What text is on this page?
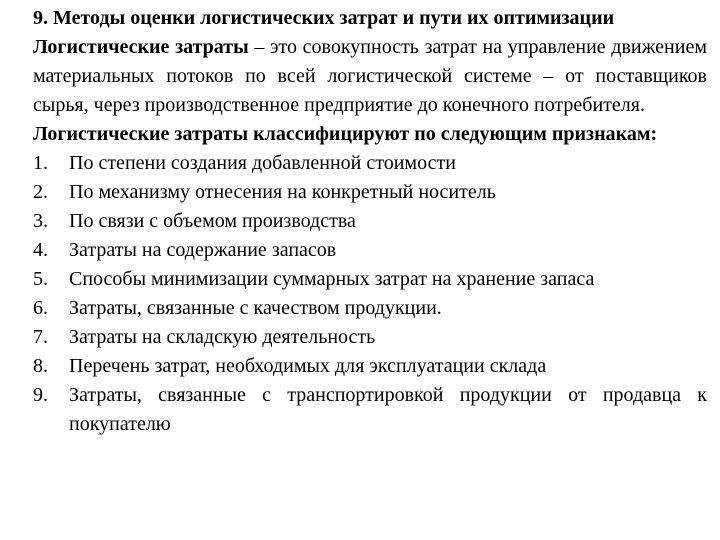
9. Методы оценки логистических затрат и пути их оптимизации

Логистические затраты – это совокупность затрат на управление движением материальных потоков по всей логистической системе – от поставщиков сырья, через производственное предприятие до конечного потребителя.

Логистические затраты классифицируют по следующим признакам:

1.	По степени создания добавленной стоимости
2.	По механизму отнесения на конкретный носитель
3.	По связи с объемом производства
4.	Затраты на содержание запасов
5.	Способы минимизации суммарных затрат на хранение запаса
6.	Затраты, связанные с качеством продукции.
7.	Затраты на складскую деятельность
8.	Перечень затрат, необходимых для эксплуатации склада
9.	Затраты, связанные с транспортировкой продукции от продавца к покупателю
